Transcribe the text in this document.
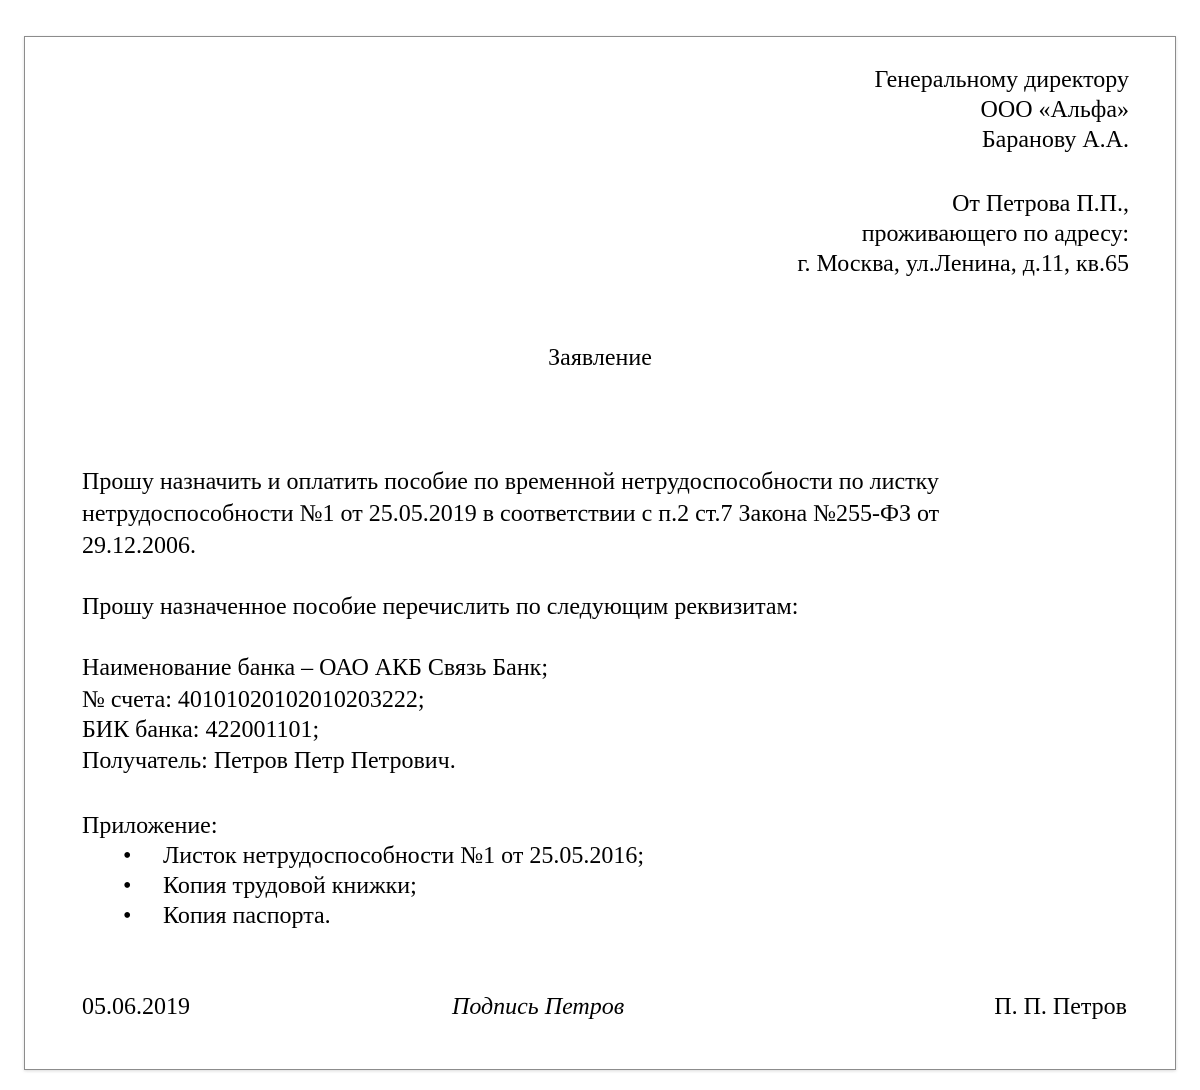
Генеральному директору
ООО «Альфа»
Баранову А.А.
От Петрова П.П.,
проживающего по адресу:
г. Москва, ул.Ленина, д.11, кв.65
Заявление
Прошу назначить и оплатить пособие по временной нетрудоспособности по листку
нетрудоспособности №1 от 25.05.2019 в соответствии с п.2 ст.7 Закона №255-ФЗ от
29.12.2006.
Прошу назначенное пособие перечислить по следующим реквизитам:
Наименование банка – ОАО АКБ Связь Банк;
№ счета: 40101020102010203222;
БИК банка: 422001101;
Получатель: Петров Петр Петрович.
Приложение:
• Листок нетрудоспособности №1 от 25.05.2016;
• Копия трудовой книжки;
• Копия паспорта.
05.06.2019	Подпись Петров	П. П. Петров
